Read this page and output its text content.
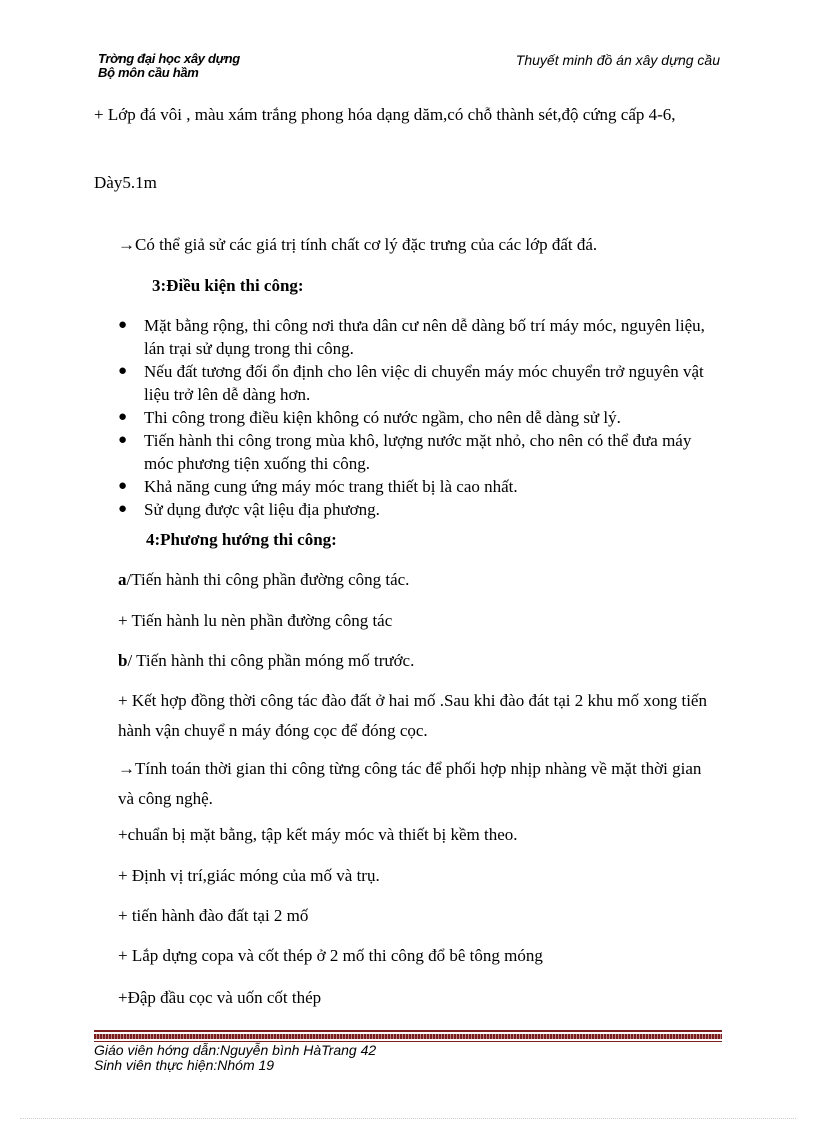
Trờng đại học xây dựng
Bộ môn cầu hầm
Thuyết minh đồ án xây dựng cầu
+ Lớp đá vôi , màu xám trắng phong hóa dạng dăm,có chỗ thành sét,độ cứng cấp 4-6,
Dày5.1m
→Có thể giả sử các giá trị tính chất cơ lý đặc trưng của các lớp đất đá.
3:Điều kiện thi công:
● Mặt bằng rộng, thi công nơi thưa dân cư nên dễ dàng bố trí máy móc, nguyên liệu, lán trại sử dụng trong thi công.
● Nếu đất tương đối ổn định cho lên việc di chuyển máy móc chuyển trở nguyên vật liệu trở lên dễ dàng hơn.
● Thi công trong điều kiện không có nước ngầm, cho nên dễ dàng sử lý.
● Tiến hành thi công trong mùa khô, lượng nước mặt nhỏ, cho nên có thể đưa máy móc phương tiện xuống thi công.
● Khả năng cung ứng máy móc trang thiết bị là cao nhất.
● Sử dụng được vật liệu địa phương.
4:Phương hướng thi công:
a/Tiến hành thi công phần đường công tác.
+ Tiến hành lu nèn phần đường công tác
b/ Tiến hành thi công phần móng mố trước.
+ Kết hợp đồng thời công tác đào đất ở hai mố .Sau khi đào đát tại 2 khu mố xong tiến hành vận chuyể n máy đóng cọc để đóng cọc.
→Tính toán thời gian thi công từng công tác để phối hợp nhịp nhàng về mặt thời gian và công nghệ.
+chuẩn bị mặt bằng, tập kết máy móc và thiết bị kềm theo.
+ Định vị trí,giác móng của mố và trụ.
+ tiến hành đào đất tại 2 mố
+ Lắp dựng copa và cốt thép ở 2 mố thi công đổ bê tông móng
+Đập đầu cọc và uốn cốt thép
Giáo viên hớng dẫn:Nguyễn bình HàTrang 42
Sinh viên thực hiện:Nhóm 19
